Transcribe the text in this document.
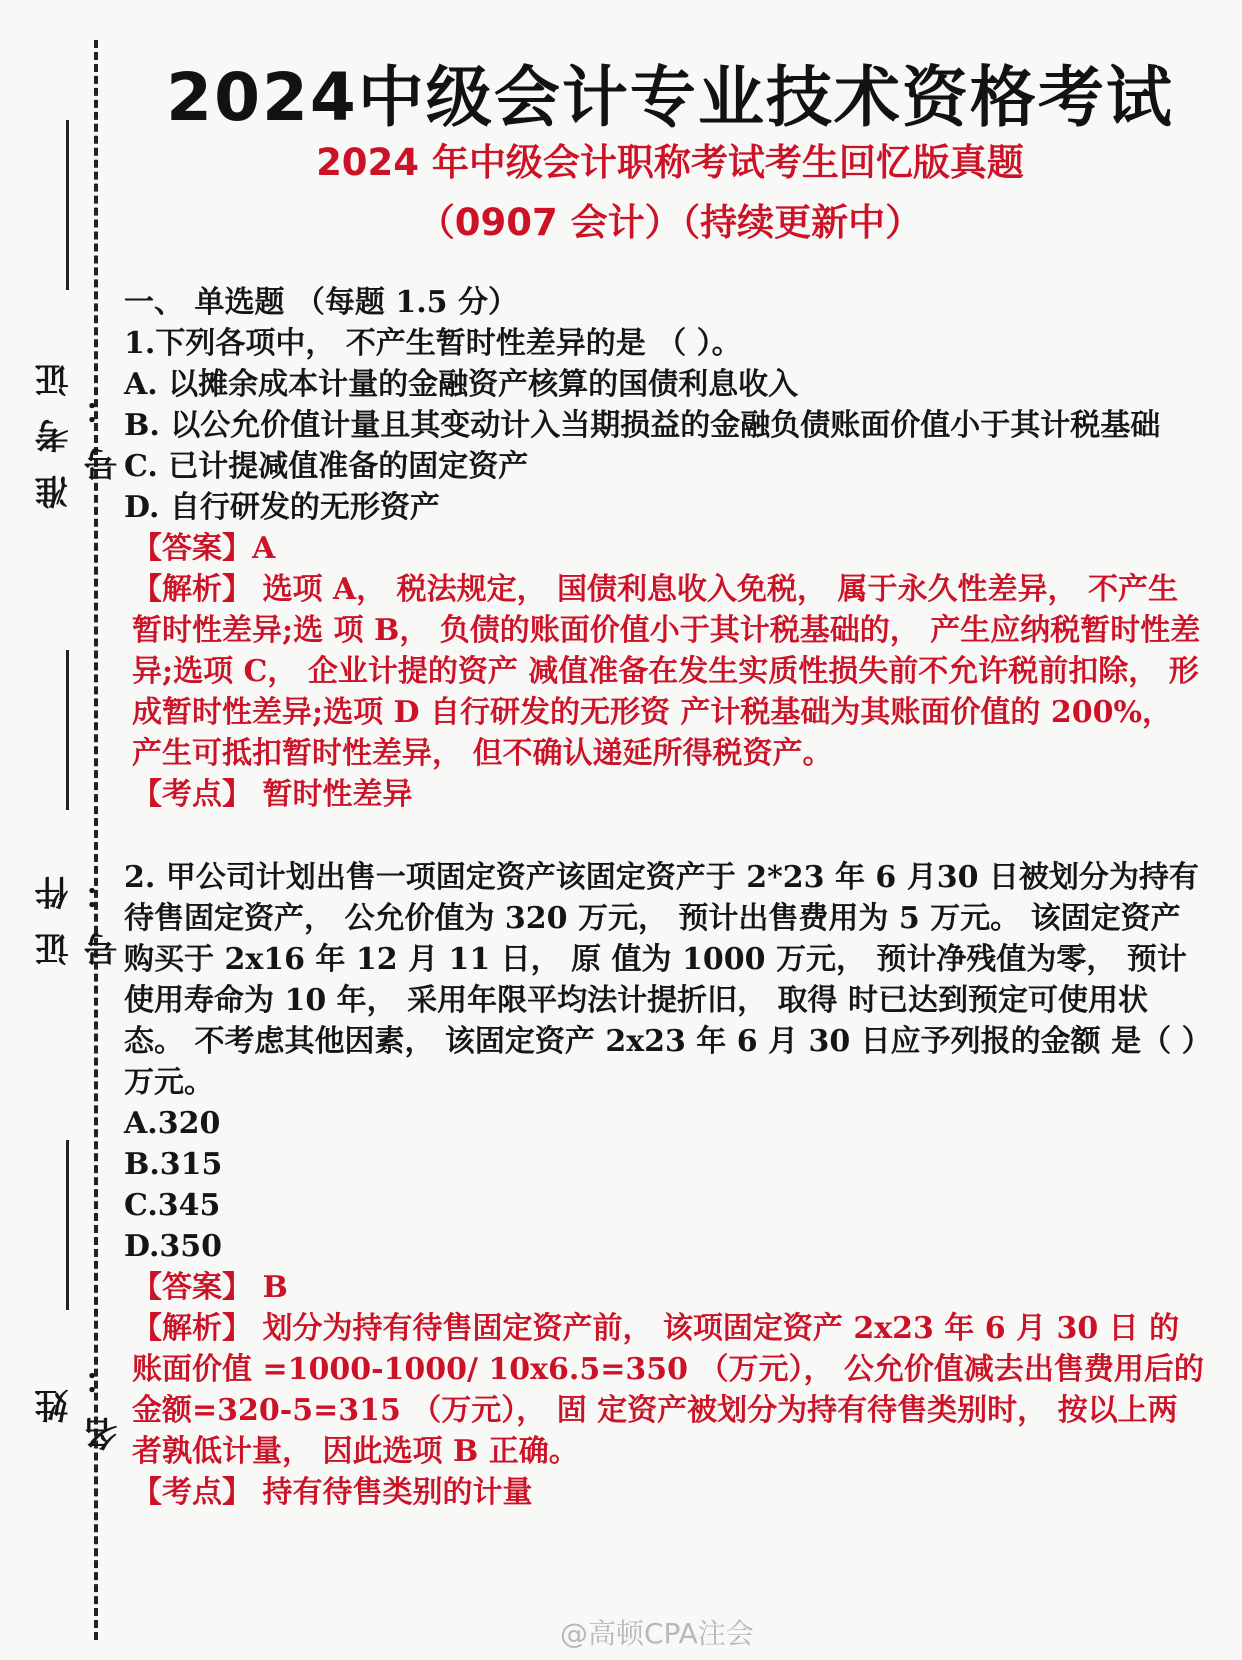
准考证号：
证件号：
姓名：
2024中级会计专业技术资格考试
2024 年中级会计职称考试考生回忆版真题
（0907 会计）（持续更新中）

一、 单选题 （每题 1.5 分）

1.下列各项中， 不产生暂时性差异的是 （ ）。

A. 以摊余成本计量的金融资产核算的国债利息收入

B. 以公允价值计量且其变动计入当期损益的金融负债账面价值小于其计税基础

C. 已计提减值准备的固定资产

D. 自行研发的无形资产

【答案】A

【解析】 选项 A， 税法规定， 国债利息收入免税， 属于永久性差异， 不产生暂时性差异;选 项 B， 负债的账面价值小于其计税基础的， 产生应纳税暂时性差异;选项 C， 企业计提的资产 减值准备在发生实质性损失前不允许税前扣除， 形成暂时性差异;选项 D 自行研发的无形资 产计税基础为其账面价值的 200%， 产生可抵扣暂时性差异， 但不确认递延所得税资产。

【考点】 暂时性差异

2. 甲公司计划出售一项固定资产该固定资产于 2*23 年 6 月30 日被划分为持有待售固定资产， 公允价值为 320 万元， 预计出售费用为 5 万元。 该固定资产购买于 2x16 年 12 月 11 日， 原 值为 1000 万元， 预计净残值为零， 预计使用寿命为 10 年， 采用年限平均法计提折旧， 取得 时已达到预定可使用状态。 不考虑其他因素， 该固定资产 2x23 年 6 月 30 日应予列报的金额 是（ ）万元。

A.320

B.315

C.345

D.350

【答案】 B

【解析】 划分为持有待售固定资产前， 该项固定资产 2x23 年 6 月 30 日 的账面价值 =1000-1000/ 10x6.5=350 （万元）， 公允价值减去出售费用后的金额=320-5=315 （万元）， 固 定资产被划分为持有待售类别时， 按以上两者孰低计量， 因此选项 B 正确。

【考点】 持有待售类别的计量

@高顿CPA注会
